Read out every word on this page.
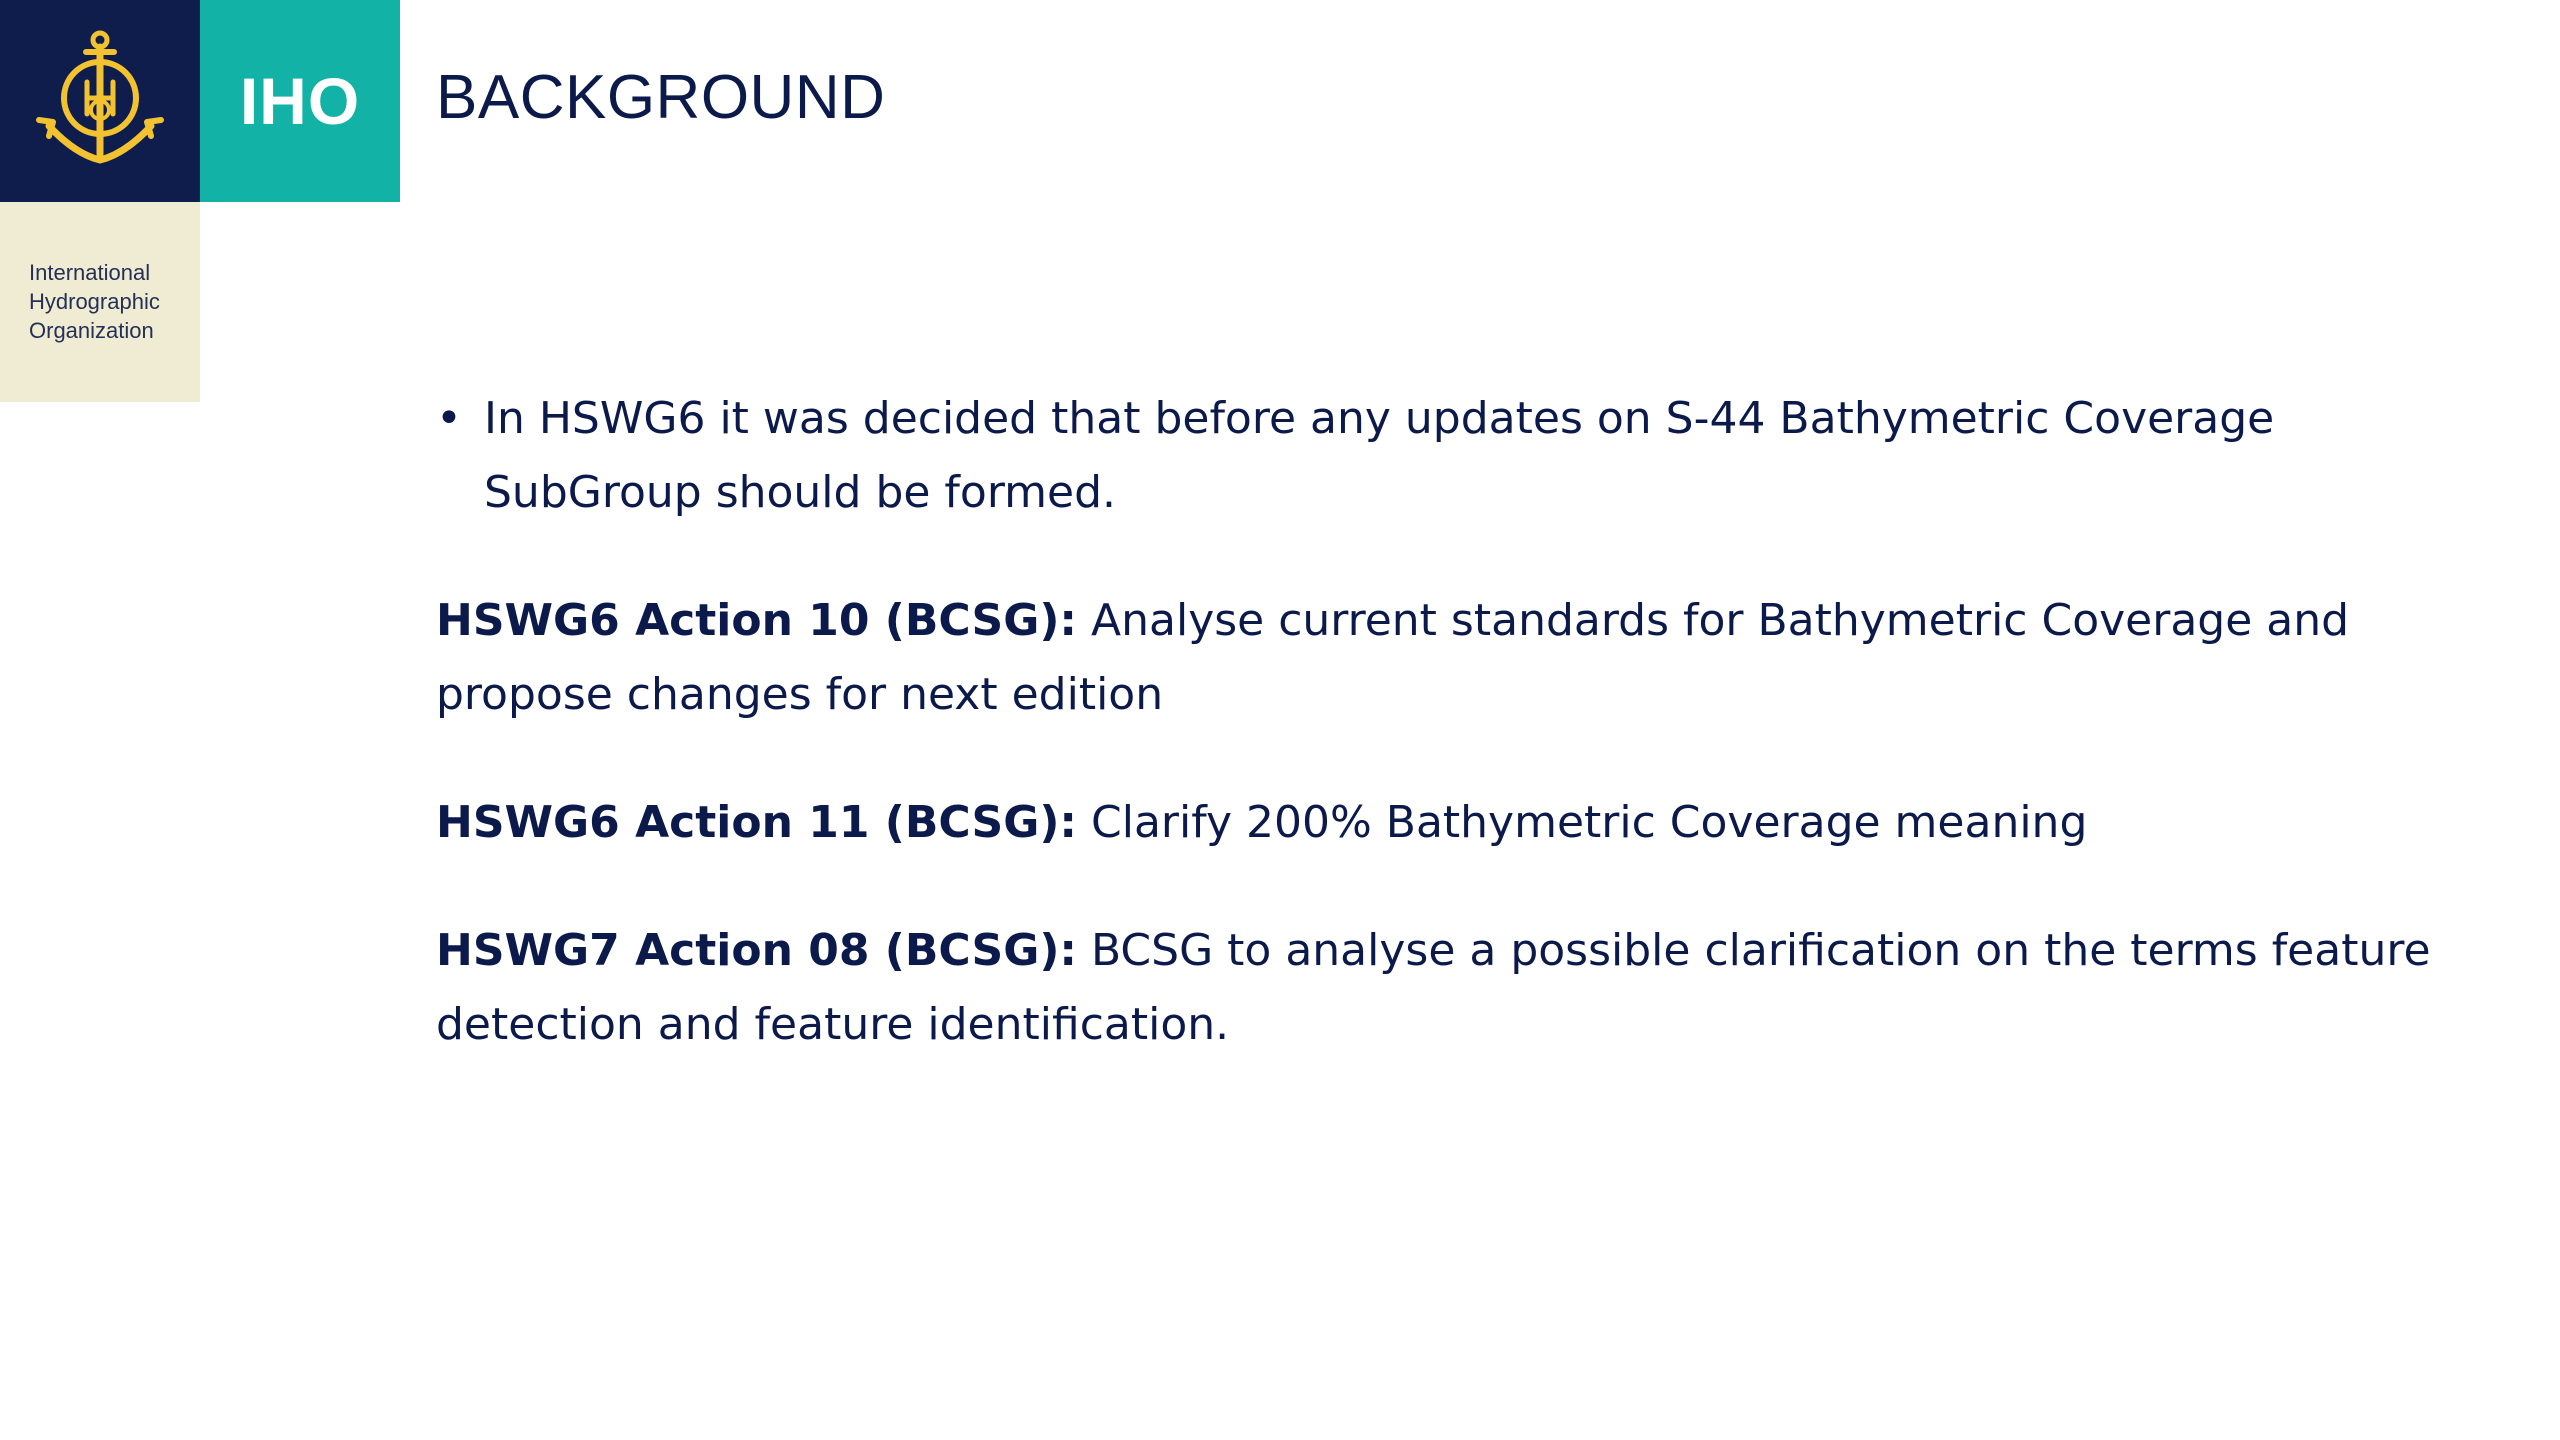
IHO
International
Hydrographic
Organization
BACKGROUND
• In HSWG6 it was decided that before any updates on S-44 Bathymetric Coverage SubGroup should be formed.
HSWG6 Action 10 (BCSG): Analyse current standards for Bathymetric Coverage and propose changes for next edition
HSWG6 Action 11 (BCSG): Clarify 200% Bathymetric Coverage meaning
HSWG7 Action 08 (BCSG): BCSG to analyse a possible clarification on the terms feature detection and feature identification.
